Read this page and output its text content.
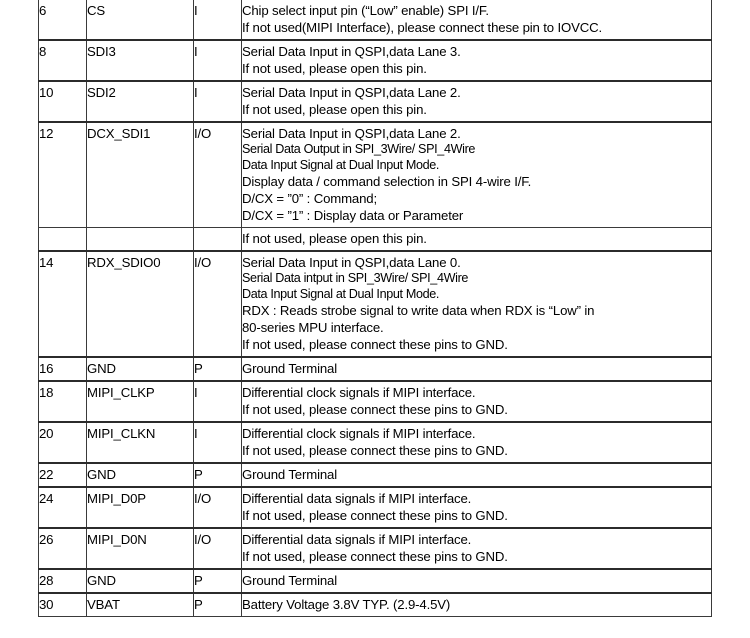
6	CS	I	Chip select input pin (“Low” enable) SPI I/F.
If not used(MIPI Interface), please connect these pin to IOVCC.

8	SDI3	I	Serial Data Input in QSPI,data Lane 3.
If not used, please open this pin.

10	SDI2	I	Serial Data Input in QSPI,data Lane 2.
If not used, please open this pin.

12	DCX_SDI1	I/O	Serial Data Input in QSPI,data Lane 2.
Serial Data Output in SPI_3Wire/ SPI_4Wire
Data Input Signal at Dual Input Mode.
Display data / command selection in SPI 4-wire I/F.
D/CX = ”0” : Command;
D/CX = ”1” : Display data or Parameter

			If not used, please open this pin.

14	RDX_SDIO0	I/O	Serial Data Input in QSPI,data Lane 0.
Serial Data intput in SPI_3Wire/ SPI_4Wire
Data Input Signal at Dual Input Mode.
RDX : Reads strobe signal to write data when RDX is “Low” in
80-series MPU interface.
If not used, please connect these pins to GND.

16	GND	P	Ground Terminal

18	MIPI_CLKP	I	Differential clock signals if MIPI interface.
If not used, please connect these pins to GND.

20	MIPI_CLKN	I	Differential clock signals if MIPI interface.
If not used, please connect these pins to GND.

22	GND	P	Ground Terminal

24	MIPI_D0P	I/O	Differential data signals if MIPI interface.
If not used, please connect these pins to GND.

26	MIPI_D0N	I/O	Differential data signals if MIPI interface.
If not used, please connect these pins to GND.

28	GND	P	Ground Terminal

30	VBAT	P	Battery Voltage 3.8V TYP. (2.9-4.5V)
